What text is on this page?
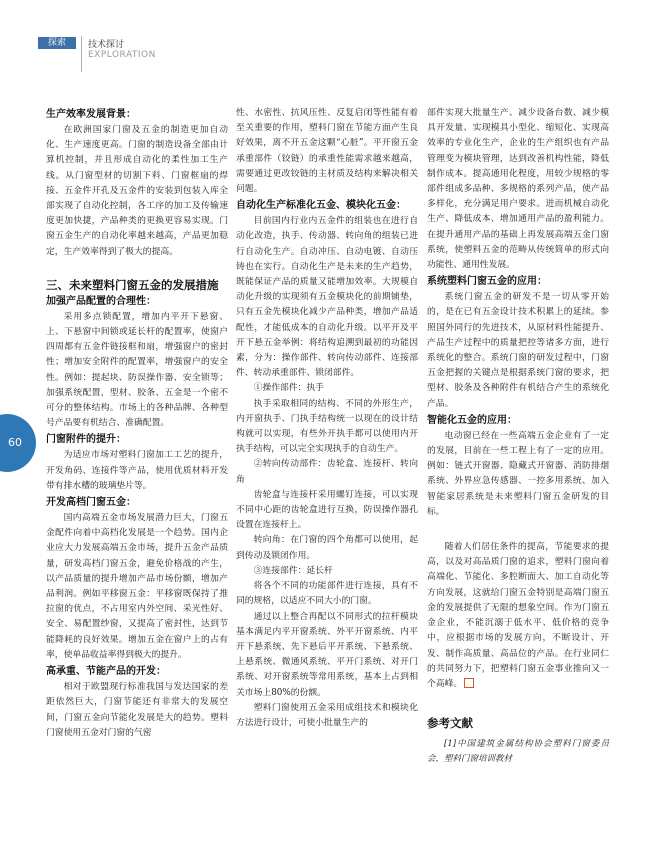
探索	技术探讨
EXPLORATION
60
生产效率发展背景：

在欧洲国家门窗及五金的制造更加自动化、生产速度更高。门窗的制造设备全部由计算机控制，并且形成自动化的柔性加工生产线。从门窗型材的切割下料、门窗框扇的焊接、五金件开孔及五金件的安装到包装入库全部实现了自动化控制，各工序的加工及传输速度更加快捷，产品种类的更换更容易实现。门窗五金生产的自动化率越来越高，产品更加稳定，生产效率得到了极大的提高。

三、未来塑料门窗五金的发展措施
加强产品配置的合理性：

采用多点锁配置，增加内平开下悬窗、上、下悬窗中间锁或延长杆的配置率，使窗户四周都有五金件链接框和扇，增强窗户的密封性；增加安全附件的配置率，增强窗户的安全性。例如：提起块、防误操作器、安全锁等；加强系统配置，型材、胶条、五金是一个密不可分的整体结构。市场上的各种品牌、各种型号产品要有机结合、准确配置。

门窗附件的提升：

为适应市场对塑料门窗加工工艺的提升，开发角码、连接件等产品，使用优质材料开发带有排水槽的玻璃垫片等。

开发高档门窗五金：

国内高端五金市场发展潜力巨大，门窗五金配件向着中高档化发展是一个趋势。国内企业应大力发展高端五金市场，提升五金产品质量，研发高档门窗五金，避免价格战的产生，以产品质量的提升增加产品市场份额，增加产品利润。例如平移窗五金：平移窗既保持了推拉窗的优点，不占用室内外空间、采光性好、安全、易配置纱窗，又提高了密封性，达到节能降耗的良好效果。增加五金在窗户上的占有率，使单品收益率得到极大的提升。

高承重、节能产品的开发：

相对于欧盟现行标准我国与发达国家的差距依然巨大，门窗节能还有非常大的发展空间，门窗五金向节能化发展是大的趋势。塑料门窗使用五金对门窗的气密

性、水密性、抗风压性、反复启闭等性能有着至关重要的作用，塑料门窗在节能方面产生良好效果，离不开五金这颗“心脏”。平开窗五金承重部件（铰链）的承重性能需求越来越高，需要通过更改铰链的主材质及结构来解决相关问题。

自动化生产标准化五金、模块化五金：

目前国内行业内五金件的组装也在进行自动化改造，执手、传动器、转向角的组装已进行自动化生产。自动冲压、自动电镀、自动压铸也在实行。自动化生产是未来的生产趋势，既能保证产品的质量又能增加效率。大规模自动化升级的实现须有五金模块化的前期铺垫，只有五金先模块化减少产品种类，增加产品适配性，才能低成本的自动化升级。以平开及平开下悬五金举例：将结构追溯到最初的功能因素，分为：操作部件、转向传动部件、连接部件、转动承重部件、锁闭部件。

①操作部件：执手

执手采取相同的结构、不同的外形生产，内开窗执手、门执手结构统一以现在的设计结构就可以实现，有些外开执手都可以使用内开执手结构，可以完全实现执手的自动生产。

②转向传动部件：齿轮盒、连接杆、转向角

齿轮盒与连接杆采用螺钉连接，可以实现不同中心距的齿轮盒进行互换，防误操作器孔设置在连接杆上。

转向角：在门窗的四个角都可以使用，起到传动及锁闭作用。

③连接部件：延长杆

将各个不同的功能部件进行连接，具有不同的规格，以适应不同大小的门窗。

通过以上整合再配以不同形式的拉杆模块基本满足内平开窗系统、外平开窗系统、内平开下悬系统、先下悬后平开系统、下悬系统、上悬系统、微通风系统、平开门系统、对开门系统、对开窗系统等常用系统，基本上占到相关市场上80%的份额。

塑料门窗使用五金采用成组技术和模块化方法进行设计，可使小批量生产的

部件实现大批量生产、减少设备台数、减少模具开发量、实现模具小型化、缩短化、实现高效率的专业化生产，企业的生产组织也有产品管理变为模块管理，达到改善机构性能，降低制作成本。提高通用化程度，用较少规格的零部件组成多品种、多规格的系列产品，使产品多样化，充分满足用户要求。进而机械自动化生产、降低成本、增加通用产品的盈利能力。在提升通用产品的基础上再发展高端五金门窗系统，使塑料五金的范畴从传统简单的形式向功能性、通用性发展。

系统塑料门窗五金的应用：

系统门窗五金的研发不是一切从零开始的，是在已有五金设计技术积累上的延续。参照国外同行的先进技术，从原材料性能提升、产品生产过程中的质量把控等诸多方面，进行系统化的整合。系统门窗的研发过程中，门窗五金把握的关键点是根据系统门窗的要求，把型材、胶条及各种附件有机结合产生的系统化产品。

智能化五金的应用：

电动窗已经在一些高端五金企业有了一定的发展，目前在一些工程上有了一定的应用。例如：链式开窗器、隐藏式开窗器、消防排烟系统、外界应急传感器、一控多用系统、加入智能家居系统是未来塑料门窗五金研发的目标。

随着人们居住条件的提高，节能要求的提高，以及对高品质门窗的追求，塑料门窗向着高端化、节能化、多腔断面大、加工自动化等方向发展，这就给门窗五金特别是高端门窗五金的发展提供了无限的想象空间。作为门窗五金企业，不能沉溺于低水平、低价格的竞争中，应根据市场的发展方向，不断设计、开发、制作高质量、高品位的产品。在行业同仁的共同努力下，把塑料门窗五金事业推向又一个高峰。

参考文献

[1]中国建筑金属结构协会塑料门窗委员会，塑料门窗培训教材
